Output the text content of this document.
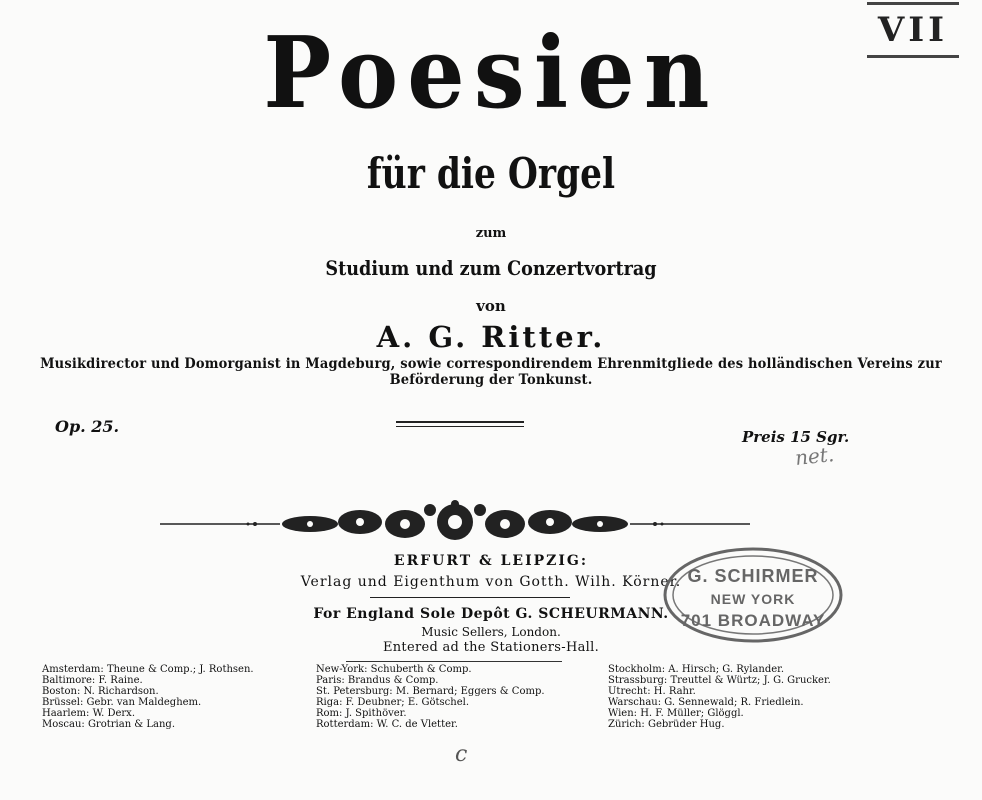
VII
Poesien
für die Orgel
zum
Studium und zum Conzertvortrag
von
A. G. Ritter.
Musikdirector und Domorganist in Magdeburg, sowie correspondirendem Ehrenmitgliede des holländischen Vereins zur Beförderung der Tonkunst.
Op. 25.
Preis 15 Sgr.
net.
ERFURT & LEIPZIG:
Verlag und Eigenthum von Gotth. Wilh. Körner.
For England Sole Depôt G. SCHEURMANN.
Music Sellers, London.
Entered ad the Stationers-Hall.
G. SCHIRMER
NEW YORK
701 BROADWAY
Amsterdam: Theune & Comp.; J. Rothsen.
Baltimore: F. Raine.
Boston: N. Richardson.
Brüssel: Gebr. van Maldeghem.
Haarlem: W. Derx.
Moscau: Grotrian & Lang.
New-York: Schuberth & Comp.
Paris: Brandus & Comp.
St. Petersburg: M. Bernard; Eggers & Comp.
Riga: F. Deubner; E. Götschel.
Rom: J. Spithöver.
Rotterdam: W. C. de Vletter.
Stockholm: A. Hirsch; G. Rylander.
Strassburg: Treuttel & Würtz; J. G. Grucker.
Utrecht: H. Rahr.
Warschau: G. Sennewald; R. Friedlein.
Wien: H. F. Müller; Glöggl.
Zürich: Gebrüder Hug.
c
